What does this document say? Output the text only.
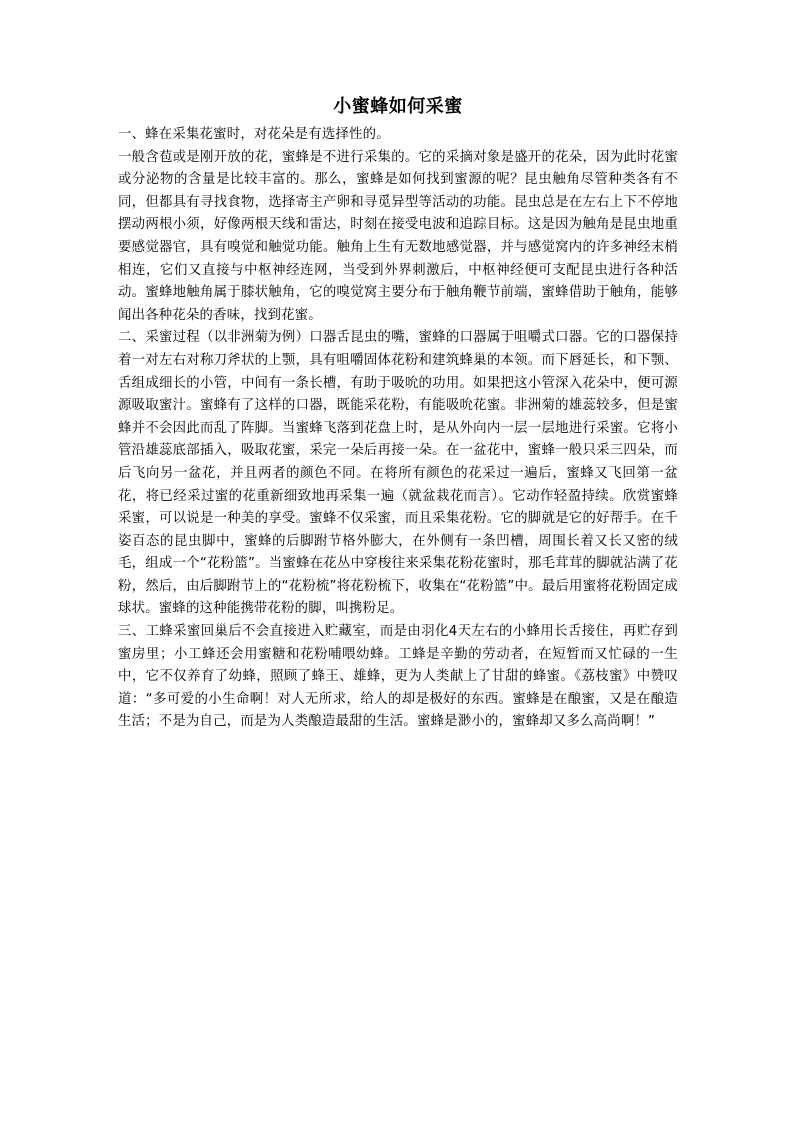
小蜜蜂如何采蜜

一、蜂在采集花蜜时，对花朵是有选择性的。

一般含苞或是刚开放的花，蜜蜂是不进行采集的。它的采摘对象是盛开的花朵，因为此时花蜜或分泌物的含量是比较丰富的。那么，蜜蜂是如何找到蜜源的呢？昆虫触角尽管种类各有不同，但都具有寻找食物，选择寄主产卵和寻觅异型等活动的功能。昆虫总是在左右上下不停地摆动两根小须，好像两根天线和雷达，时刻在接受电波和追踪目标。这是因为触角是昆虫地重要感觉器官，具有嗅觉和触觉功能。触角上生有无数地感觉器，并与感觉窝内的许多神经末梢相连，它们又直接与中枢神经连网，当受到外界刺激后，中枢神经便可支配昆虫进行各种活动。蜜蜂地触角属于膝状触角，它的嗅觉窝主要分布于触角鞭节前端，蜜蜂借助于触角，能够闻出各种花朵的香味，找到花蜜。

二、采蜜过程（以非洲菊为例）口器舌昆虫的嘴，蜜蜂的口器属于咀嚼式口器。它的口器保持着一对左右对称刀斧状的上颚，具有咀嚼固体花粉和建筑蜂巢的本领。而下唇延长，和下颚、舌组成细长的小管，中间有一条长槽，有助于吸吮的功用。如果把这小管深入花朵中，便可源源吸取蜜汁。蜜蜂有了这样的口器，既能采花粉，有能吸吮花蜜。非洲菊的雄蕊较多，但是蜜蜂并不会因此而乱了阵脚。当蜜蜂飞落到花盘上时，是从外向内一层一层地进行采蜜。它将小管沿雄蕊底部插入，吸取花蜜，采完一朵后再接一朵。在一盆花中，蜜蜂一般只采三四朵，而后飞向另一盆花，并且两者的颜色不同。在将所有颜色的花采过一遍后，蜜蜂又飞回第一盆花，将已经采过蜜的花重新细致地再采集一遍（就盆栽花而言）。它动作轻盈持续。欣赏蜜蜂采蜜，可以说是一种美的享受。蜜蜂不仅采蜜，而且采集花粉。它的脚就是它的好帮手。在千姿百态的昆虫脚中，蜜蜂的后脚跗节格外膨大，在外侧有一条凹槽，周围长着又长又密的绒毛，组成一个“花粉篮”。当蜜蜂在花丛中穿梭往来采集花粉花蜜时，那毛茸茸的脚就沾满了花粉，然后，由后脚跗节上的“花粉梳”将花粉梳下，收集在“花粉篮”中。最后用蜜将花粉固定成球状。蜜蜂的这种能携带花粉的脚，叫携粉足。

三、工蜂采蜜回巢后不会直接进入贮藏室，而是由羽化4天左右的小蜂用长舌接住，再贮存到蜜房里；小工蜂还会用蜜糖和花粉哺喂幼蜂。工蜂是辛勤的劳动者，在短暂而又忙碌的一生中，它不仅养育了幼蜂，照顾了蜂王、雄蜂，更为人类献上了甘甜的蜂蜜。《荔枝蜜》中赞叹道：“多可爱的小生命啊！对人无所求，给人的却是极好的东西。蜜蜂是在酿蜜，又是在酿造生活；不是为自己，而是为人类酿造最甜的生活。蜜蜂是渺小的，蜜蜂却又多么高尚啊！”
